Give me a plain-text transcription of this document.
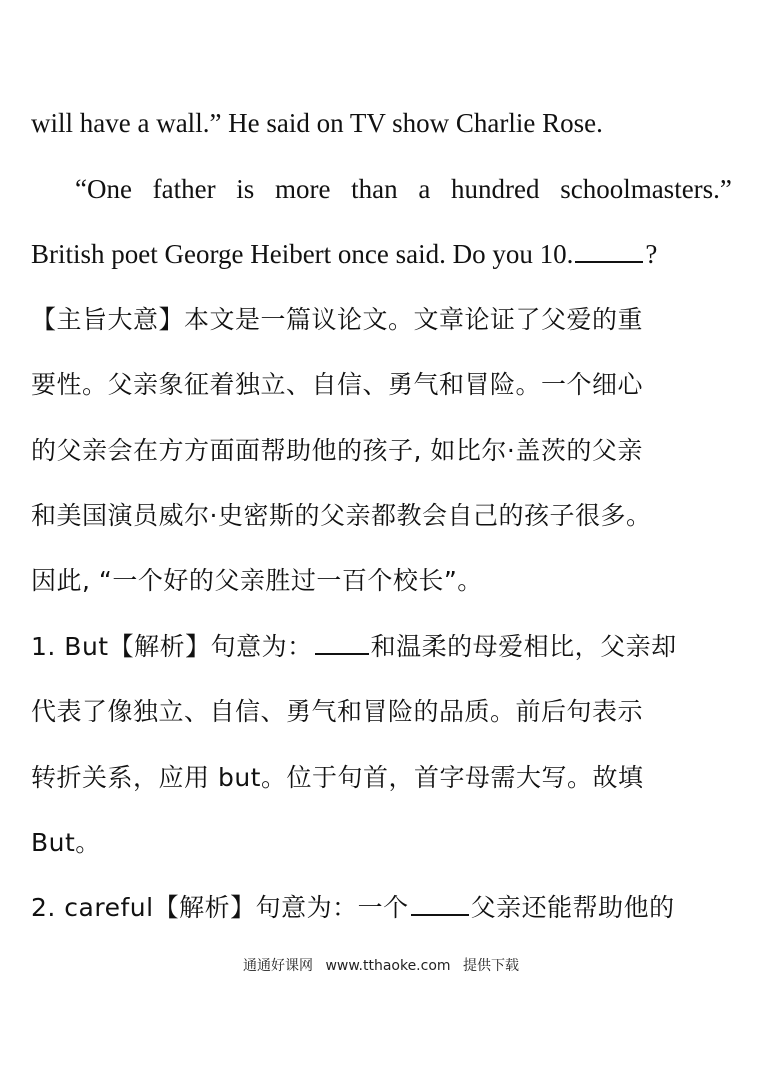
will have a wall.” He said on TV show Charlie Rose.
“One father is more than a hundred schoolmasters.”
British poet George Heibert once said. Do you 10.	?
【主旨大意】本文是一篇议论文。文章论证了父爱的重
要性。父亲象征着独立、自信、勇气和冒险。一个细心
的父亲会在方方面面帮助他的孩子, 如比尔·盖茨的父亲
和美国演员威尔·史密斯的父亲都教会自己的孩子很多。
因此, “一个好的父亲胜过一百个校长”。
1. But【解析】句意为： 和温柔的母爱相比，父亲却
代表了像独立、自信、勇气和冒险的品质。前后句表示
转折关系，应用 but。位于句首，首字母需大写。故填
But。
2. careful【解析】句意为：一个 父亲还能帮助他的
通通好课网 www.tthaoke.com 提供下载
